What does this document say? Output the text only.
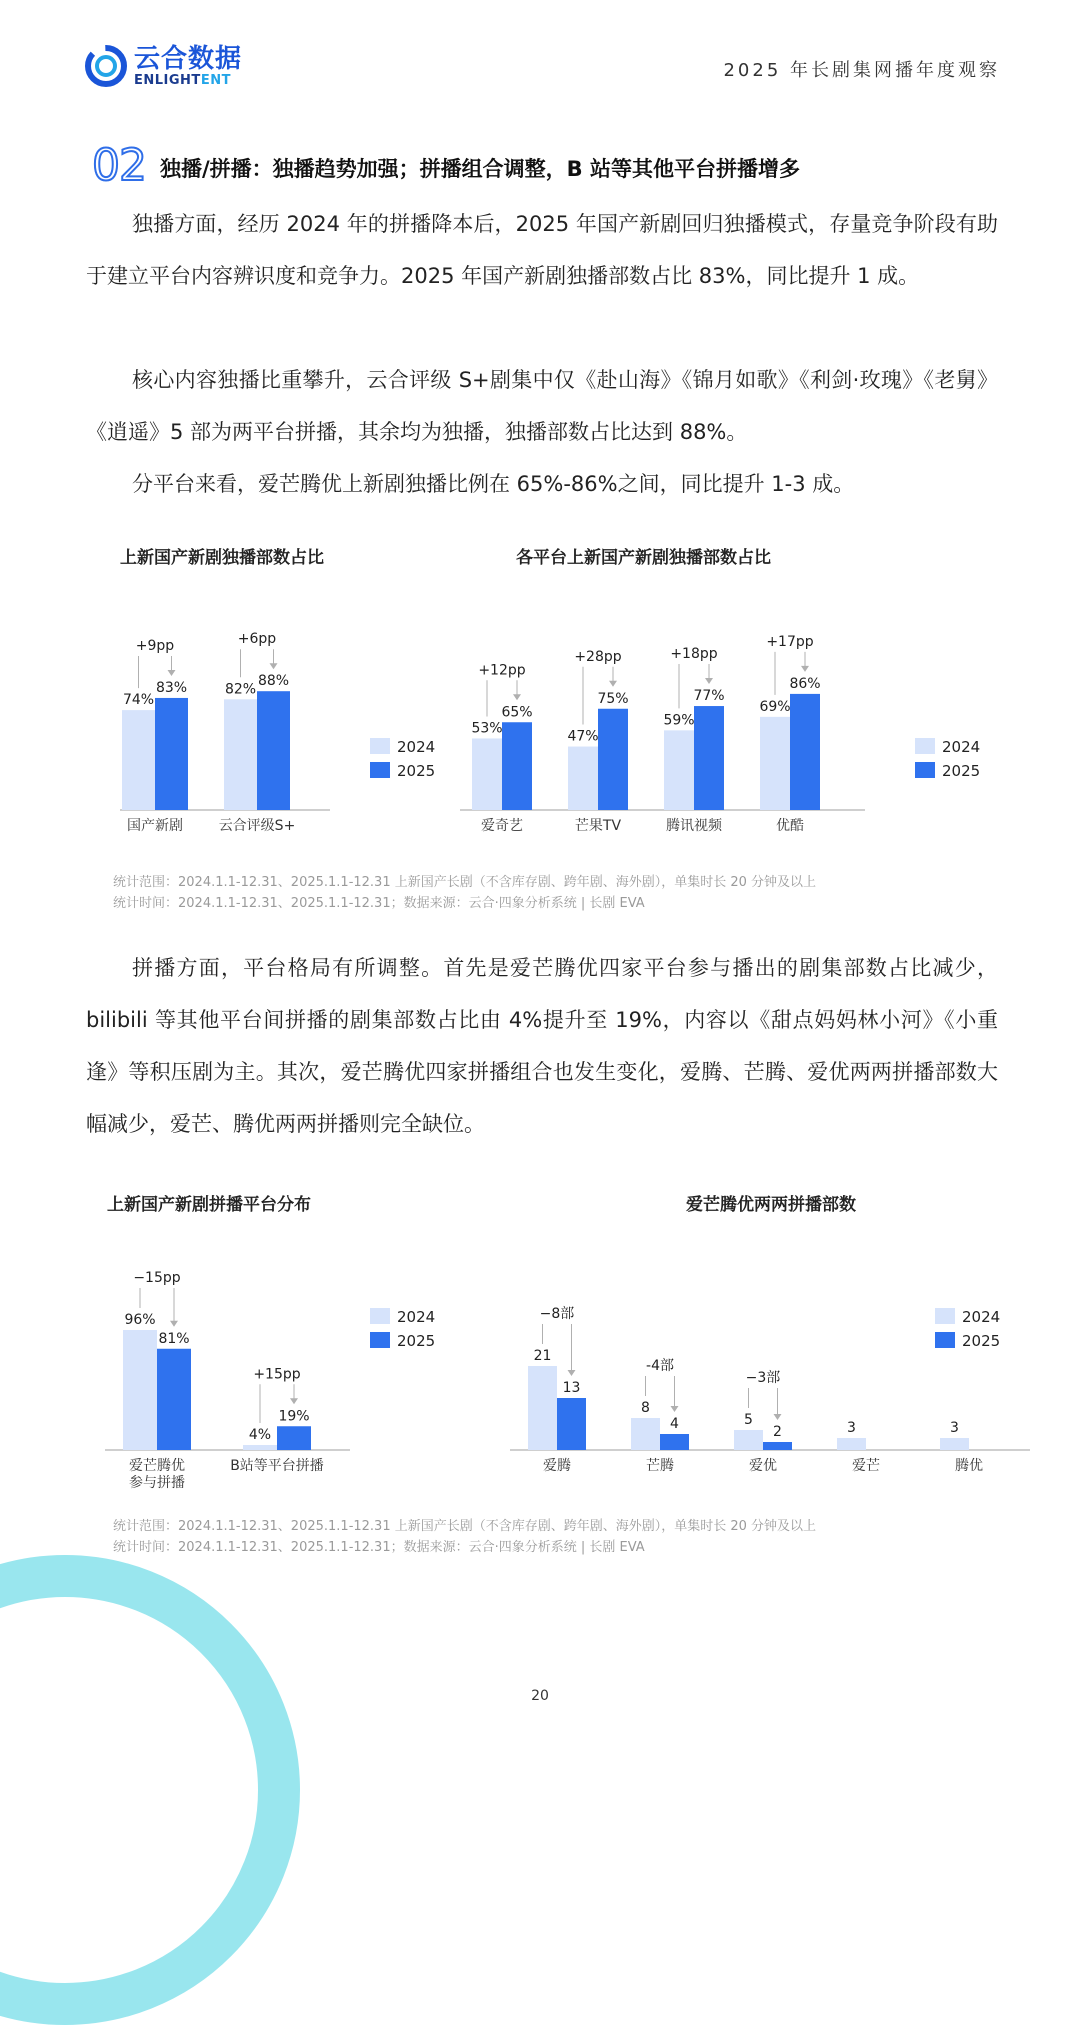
云合数据
ENLIGHTENT	2025 年长剧集网播年度观察
02 独播/拼播：独播趋势加强；拼播组合调整，B 站等其他平台拼播增多
独播方面，经历 2024 年的拼播降本后，2025 年国产新剧回归独播模式，存量竞争阶段有助于建立平台内容辨识度和竞争力。2025 年国产新剧独播部数占比 83%，同比提升 1 成。
核心内容独播比重攀升，云合评级 S+剧集中仅《赴山海》《锦月如歌》《利剑·玫瑰》《老舅》《逍遥》5 部为两平台拼播，其余均为独播，独播部数占比达到 88%。
分平台来看，爱芒腾优上新剧独播比例在 65%-86%之间，同比提升 1-3 成。
上新国产新剧独播部数占比
74%
83%
+9pp
国产新剧
82%
88%
+6pp
云合评级S+
2024
2025
各平台上新国产新剧独播部数占比
53%
65%
+12pp
爱奇艺
47%
75%
+28pp
芒果TV
59%
77%
+18pp
腾讯视频
69%
86%
+17pp
优酷
2024
2025
统计范围：2024.1.1-12.31、2025.1.1-12.31 上新国产长剧（不含库存剧、跨年剧、海外剧），单集时长 20 分钟及以上
统计时间：2024.1.1-12.31、2025.1.1-12.31；数据来源：云合·四象分析系统 | 长剧 EVA
拼播方面，平台格局有所调整。首先是爱芒腾优四家平台参与播出的剧集部数占比减少，bilibili 等其他平台间拼播的剧集部数占比由 4%提升至 19%，内容以《甜点妈妈林小河》《小重逢》等积压剧为主。其次，爱芒腾优四家拼播组合也发生变化，爱腾、芒腾、爱优两两拼播部数大幅减少，爱芒、腾优两两拼播则完全缺位。
上新国产新剧拼播平台分布
96%
81%
−15pp
爱芒腾优
参与拼播
4%
19%
+15pp
B站等平台拼播
2024
2025
爱芒腾优两两拼播部数
21
13
−8部
爱腾
8
4
-4部
芒腾
5
2
−3部
爱优
3
爱芒
3
腾优
2024
2025
统计范围：2024.1.1-12.31、2025.1.1-12.31 上新国产长剧（不含库存剧、跨年剧、海外剧），单集时长 20 分钟及以上
统计时间：2024.1.1-12.31、2025.1.1-12.31；数据来源：云合·四象分析系统 | 长剧 EVA
20
